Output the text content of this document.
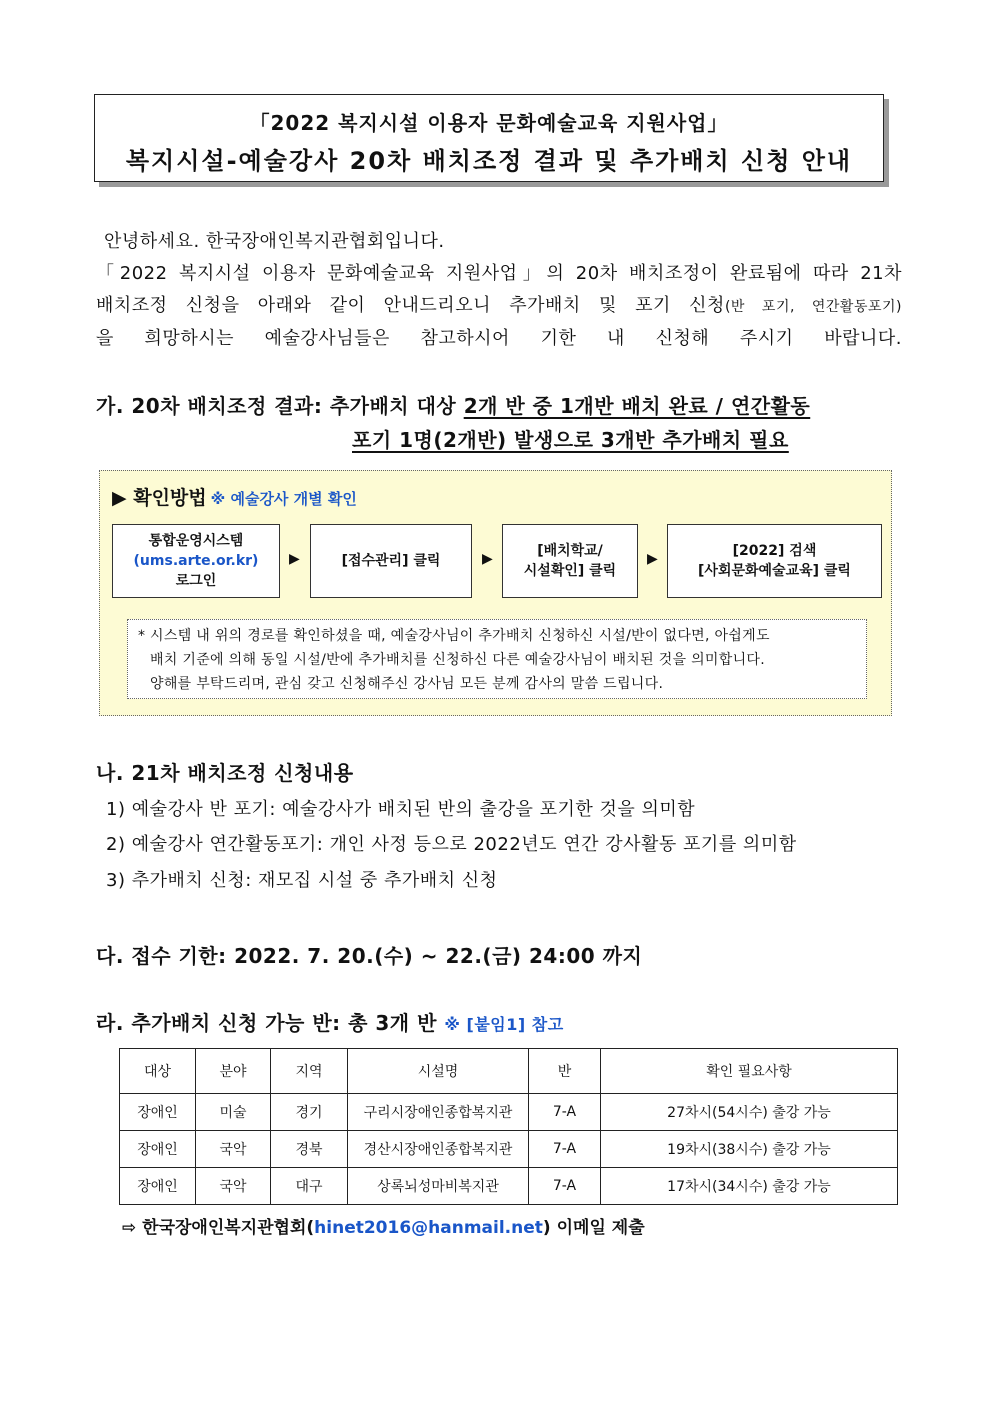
「2022 복지시설 이용자 문화예술교육 지원사업」
복지시설-예술강사 20차 배치조정 결과 및 추가배치 신청 안내

안녕하세요. 한국장애인복지관협회입니다.

「2022 복지시설 이용자 문화예술교육 지원사업」의 20차 배치조정이 완료됨에 따라 21차

배치조정 신청을 아래와 같이 안내드리오니 추가배치 및 포기 신청(반 포기, 연간활동포기)

을 희망하시는 예술강사님들은 참고하시어 기한 내 신청해 주시기 바랍니다.

가. 20차 배치조정 결과: 추가배치 대상 2개 반 중 1개반 배치 완료 / 연간활동
포기 1명(2개반) 발생으로 3개반 추가배치 필요
▶ 확인방법 ※ 예술강사 개별 확인
통합운영시스템
(ums.arte.or.kr)
로그인
▶	[접수관리] 클릭	▶	[배치학교/
시설확인] 클릭
▶	[2022] 검색
[사회문화예술교육] 클릭
* 시스템 내 위의 경로를 확인하셨을 때, 예술강사님이 추가배치 신청하신 시설/반이 없다면, 아쉽게도
배치 기준에 의해 동일 시설/반에 추가배치를 신청하신 다른 예술강사님이 배치된 것을 의미합니다.
양해를 부탁드리며, 관심 갖고 신청해주신 강사님 모든 분께 감사의 말씀 드립니다.
나. 21차 배치조정 신청내용
1) 예술강사 반 포기: 예술강사가 배치된 반의 출강을 포기한 것을 의미함
2) 예술강사 연간활동포기: 개인 사정 등으로 2022년도 연간 강사활동 포기를 의미함
3) 추가배치 신청: 재모집 시설 중 추가배치 신청
다. 접수 기한: 2022. 7. 20.(수) ~ 22.(금) 24:00 까지
라. 추가배치 신청 가능 반: 총 3개 반 ※ [붙임1] 참고
대상	분야	지역	시설명	반	확인 필요사항
장애인	미술	경기	구리시장애인종합복지관	7-A	27차시(54시수) 출강 가능
장애인	국악	경북	경산시장애인종합복지관	7-A	19차시(38시수) 출강 가능
장애인	국악	대구	상록뇌성마비복지관	7-A	17차시(34시수) 출강 가능
⇨ 한국장애인복지관협회(hinet2016@hanmail.net) 이메일 제출
